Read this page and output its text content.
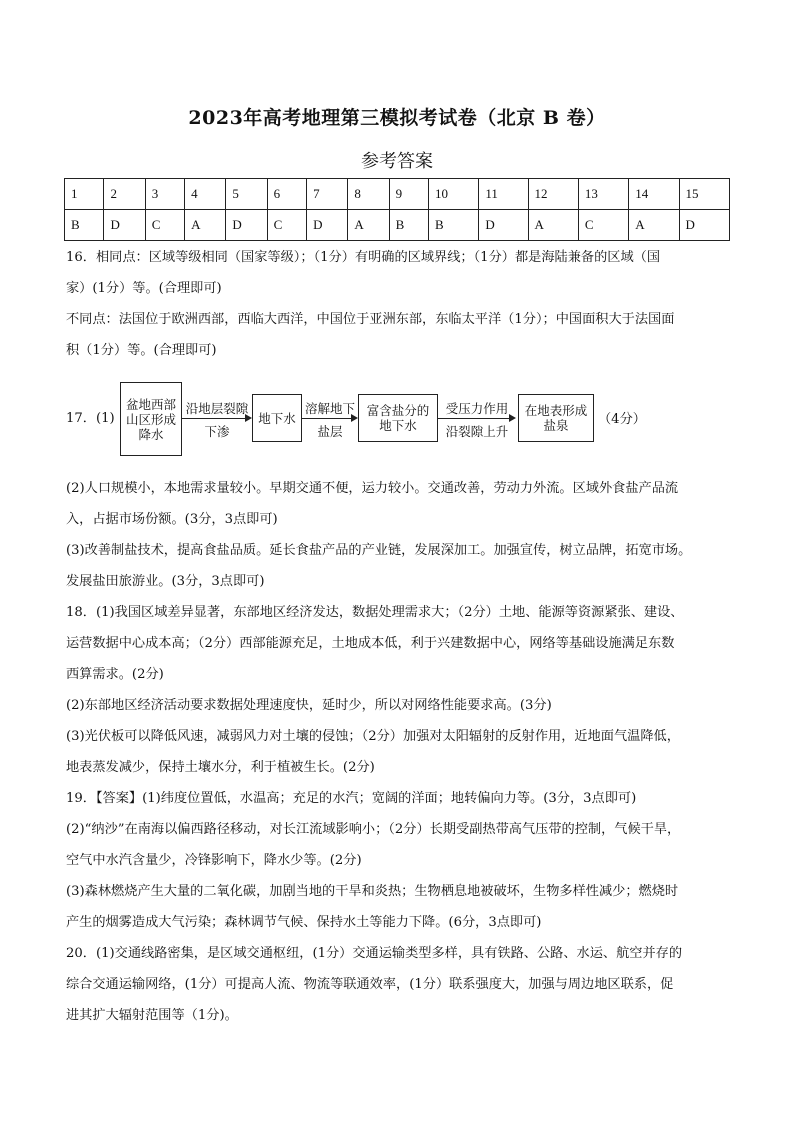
2023年高考地理第三模拟考试卷（北京 B 卷）
参考答案
1	2	3	4	5	6	7	8	9	10	11	12	13	14	15
B	D	C	A	D	C	D	A	B	B	D	A	C	A	D
16．相同点：区域等级相同（国家等级）；（1分）有明确的区域界线；（1分）都是海陆兼备的区域（国
家）(1分）等。(合理即可)
不同点：法国位于欧洲西部，西临大西洋，中国位于亚洲东部，东临太平洋（1分）；中国面积大于法国面
积（1分）等。(合理即可)
17．(1)
盆地西部
山区形成
降水
沿地层裂隙
下渗
地下水
溶解地下
盐层
富含盐分的
地下水
受压力作用
沿裂隙上升
在地表形成
盐泉	（4分）
(2)人口规模小，本地需求量较小。早期交通不便，运力较小。交通改善，劳动力外流。区域外食盐产品流
入，占据市场份额。(3分，3点即可)
(3)改善制盐技术，提高食盐品质。延长食盐产品的产业链，发展深加工。加强宣传，树立品牌，拓宽市场。
发展盐田旅游业。(3分，3点即可)
18．(1)我国区域差异显著，东部地区经济发达，数据处理需求大；（2分）土地、能源等资源紧张、建设、
运营数据中心成本高；（2分）西部能源充足，土地成本低，利于兴建数据中心，网络等基础设施满足东数
西算需求。(2分)
(2)东部地区经济活动要求数据处理速度快，延时少，所以对网络性能要求高。(3分)
(3)光伏板可以降低风速，减弱风力对土壤的侵蚀；（2分）加强对太阳辐射的反射作用，近地面气温降低，
地表蒸发减少，保持土壤水分，利于植被生长。(2分)
19．【答案】(1)纬度位置低，水温高；充足的水汽；宽阔的洋面；地转偏向力等。(3分，3点即可)
(2)“纳沙”在南海以偏西路径移动，对长江流域影响小；（2分）长期受副热带高气压带的控制，气候干旱，
空气中水汽含量少，冷锋影响下，降水少等。(2分)
(3)森林燃烧产生大量的二氧化碳，加剧当地的干旱和炎热；生物栖息地被破坏，生物多样性减少；燃烧时
产生的烟雾造成大气污染；森林调节气候、保持水土等能力下降。(6分，3点即可)
20．(1)交通线路密集，是区域交通枢纽，(1分）交通运输类型多样，具有铁路、公路、水运、航空并存的
综合交通运输网络，(1分）可提高人流、物流等联通效率，(1分）联系强度大，加强与周边地区联系，促
进其扩大辐射范围等（1分)。
